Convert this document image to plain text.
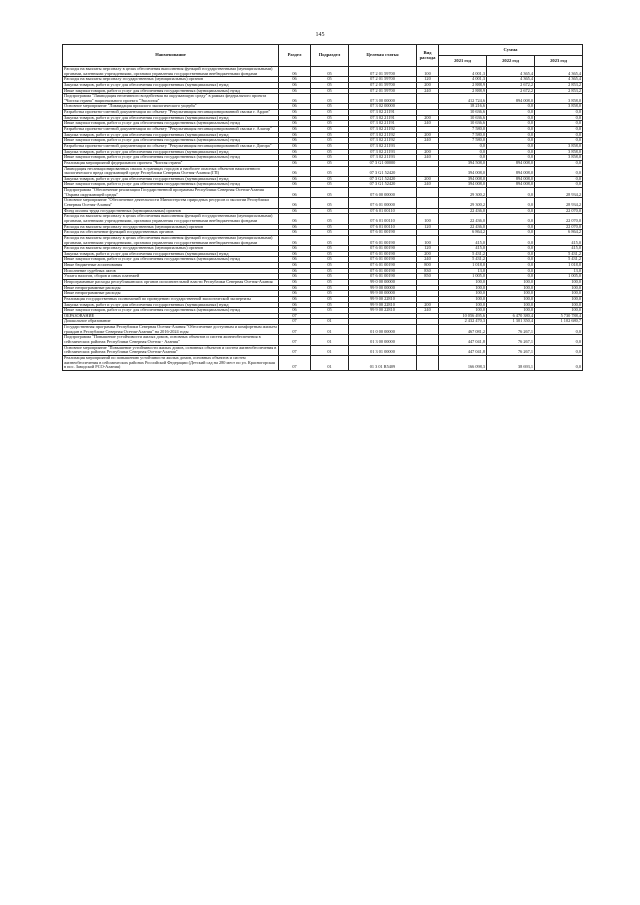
145
Наименование	Раздел	Подраздел	Целевая статья	Вид расхода	Сумма		
					2021 год	2022 год	2023 год
Расходы на выплаты персоналу в целях обеспечения выполнения функций государственными (муниципальными) органами, казенными учреждениями, органами управления государственными внебюджетными фондами	06	05	07 2 01 59700	100	4 001,3	4 365,4	4 365,4
Расходы на выплаты персоналу государственных (муниципальных) органов	06	05	07 2 01 59700	120	4 001,3	4 365,4	4 365,4
Закупка товаров, работ и услуг для обеспечения государственных (муниципальных) нужд	06	05	07 2 01 59700	200	2 888,9	2 672,2	2 853,2
Иные закупки товаров, работ и услуг для обеспечения государственных (муниципальных) нужд	06	05	07 2 01 59700	240	2 888,9	2 672,2	2 853,2
Подпрограмма "Ликвидация негативного воздействия на окружающую среду" в рамках федерального проекта "Чистая страна" национального проекта "Экология"	06	05	07 3 00 00000		412 724,6	894 008,0	3 858,0
Основное мероприятие "Ликвидация прошлого экологического ущерба"	06	05	07 3 02 00000		18 216,6	0,0	3 858,0
Разработка проектно-сметной документации по объекту "Рекультивация несанкционированной свалки г. Ардон"	06	05	07 3 02 21191		10 636,6	0,0	0,0
Закупка товаров, работ и услуг для обеспечения государственных (муниципальных) нужд	06	05	07 3 02 21191	200	10 636,6	0,0	0,0
Иные закупки товаров, работ и услуг для обеспечения государственных (муниципальных) нужд	06	05	07 3 02 21191	240	10 636,6	0,0	0,0
Разработка проектно-сметной документации по объекту "Рекультивация несанкционированной свалки г. Алагир"	06	05	07 3 02 21192		7 580,0	0,0	0,0
Закупка товаров, работ и услуг для обеспечения государственных (муниципальных) нужд	06	05	07 3 02 21192	200	7 580,0	0,0	0,0
Иные закупки товаров, работ и услуг для обеспечения государственных (муниципальных) нужд	06	05	07 3 02 21192	240	7 580,0	0,0	0,0
Разработка проектно-сметной документации по объекту "Рекультивация несанкционированной свалки г. Дигора"	06	05	07 3 02 21193		0,0	0,0	3 858,0
Закупка товаров, работ и услуг для обеспечения государственных (муниципальных) нужд	06	05	07 3 02 21193	200	0,0	0,0	3 858,0
Иные закупки товаров, работ и услуг для обеспечения государственных (муниципальных) нужд	06	05	07 3 02 21193	240	0,0	0,0	3 858,0
Реализация мероприятий федерального проекта "Чистая страна"	06	05	07 3 G1 00000		394 508,0	894 008,0	0,0
Ликвидация несанкционированных свалок в границах городов и наиболее опасных объектов накопленного экологического вреда окружающей среде Республики Северная Осетия-Алания (ГП)	06	05	07 3 G1 52420		394 008,0	894 008,0	0,0
Закупка товаров, работ и услуг для обеспечения государственных (муниципальных) нужд	06	05	07 3 G1 52420	200	394 008,0	894 008,0	0,0
Иные закупки товаров, работ и услуг для обеспечения государственных (муниципальных) нужд	06	05	07 3 G1 52420	240	394 008,0	894 008,0	0,0
Подпрограмма "Обеспечение реализации Государственной программы Республики Северная Осетия-Алания "Охрана окружающей среды"	06	05	07 6 00 00000		29 300,2	0,0	28 934,2
Основное мероприятие "Обеспечение деятельности Министерства природных ресурсов и экологии Республики Северная Осетия-Алания"	06	05	07 6 01 00000		29 300,2	0,0	28 934,2
Фонд оплаты труда государственных (муниципальных) органов	06	05	07 6 01 00110		22 436,0	0,0	22 070,0
Расходы на выплаты персоналу в целях обеспечения выполнения функций государственными (муниципальными) органами, казенными учреждениями, органами управления государственными внебюджетными фондами	06	05	07 6 01 00110	100	22 436,0	0,0	22 070,0
Расходы на выплаты персоналу государственных (муниципальных) органов	06	05	07 6 01 00110	120	22 436,0	0,0	22 070,0
Расходы на обеспечение функций государственных органов	06	05	07 6 01 00190		6 864,2	0,0	6 864,2
Расходы на выплаты персоналу в целях обеспечения выполнения функций государственными (муниципальными) органами, казенными учреждениями, органами управления государственными внебюджетными фондами	06	05	07 6 01 00190	100	415,0	0,0	415,0
Расходы на выплаты персоналу государственных (муниципальных) органов	06	05	07 6 01 00190	120	415,0	0,0	415,0
Закупка товаров, работ и услуг для обеспечения государственных (муниципальных) нужд	06	05	07 6 01 00190	200	5 431,2	0,0	5 431,2
Иные закупки товаров, работ и услуг для обеспечения государственных (муниципальных) нужд	06	05	07 6 01 00190	240	5 431,2	0,0	5 431,2
Иные бюджетные ассигнования	06	05	07 6 01 00190	800	1 018,0	0,0	1 018,0
Исполнение судебных актов	06	05	07 6 01 00190	830	13,0	0,0	13,0
Уплата налогов, сборов и иных платежей	06	05	07 6 01 00190	850	1 005,0	0,0	1 005,0
Непрограммные расходы республиканских органов исполнительной власти Республики Северная Осетия-Алания	06	05	99 0 00 00000		100,0	100,0	100,0
Иные непрограммные расходы	06	05	99 9 00 00000		100,0	100,0	100,0
Иные непрограммные расходы	06	05	99 9 00 00000		100,0	100,0	100,0
Реализация государственных полномочий по проведению государственной экологической экспертизы	06	05	99 9 00 22810		100,0	100,0	100,0
Закупка товаров, работ и услуг для обеспечения государственных (муниципальных) нужд	06	05	99 9 00 22810	200	100,0	100,0	100,0
Иные закупки товаров, работ и услуг для обеспечения государственных (муниципальных) нужд	06	05	99 9 00 22810	240	100,0	100,0	100,0
ОБРАЗОВАНИЕ	07				10 056 495,6	6 470 380,4	5 730 788,4
Дошкольное образование	07	01			2 432 470,3	1 301 350,4	1 102 680,7
Государственная программа Республики Северная Осетия-Алания "Обеспечение доступным и комфортным жильем граждан в Республике Северная Осетия-Алания" на 2016-2024 годы	07	01	01 0 00 00000		467 081,2	76 267,1	0,0
Подпрограмма "Повышение устойчивости жилых домов, основных объектов и систем жизнеобеспечения в сейсмических районах Республики Северная Осетия - Алания"	07	01	01 3 00 00000		447 041,8	76 267,1	0,0
Основное мероприятие "Повышение устойчивости жилых домов, основных объектов и систем жизнеобеспечения в сейсмических районах Республики Северная Осетия-Алания"	07	01	01 3 01 00000		447 041,8	76 267,1	0,0
Реализация мероприятий по повышению устойчивости жилых домов, основных объектов и систем жизнеобеспечения в сейсмических районах Российской Федерации (Детский сад на 280 мест по ул. Красногорская в пос. Заводской РСО-Алания)	07	01	01 3 01 R5409		166 098,3	38 693,1	0,0
